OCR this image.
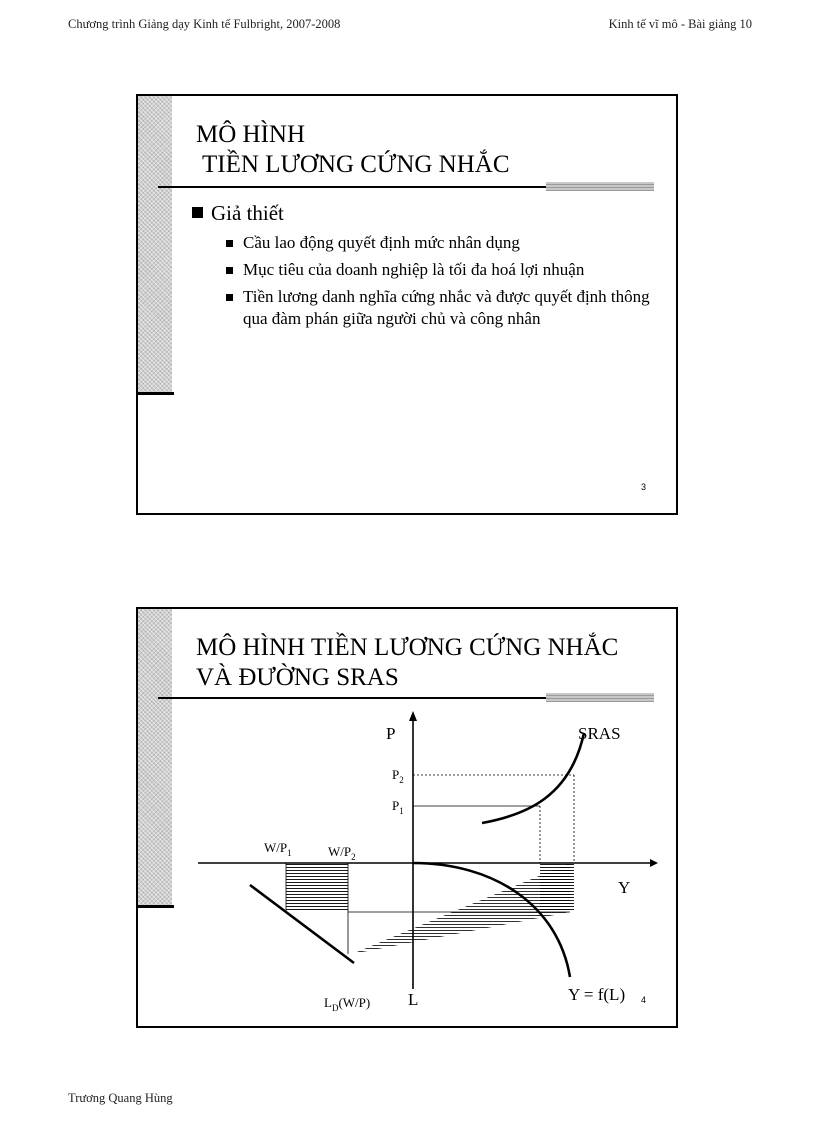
Chương trình Giảng dạy Kinh tế Fulbright, 2007-2008	Kinh tế vĩ mô - Bài giảng 10
MÔ HÌNH
TIỀN LƯƠNG CỨNG NHẮC
Giả thiết
Cầu lao động quyết định mức nhân dụng
Mục tiêu của doanh nghiệp là tối đa hoá lợi nhuận
Tiền lương danh nghĩa cứng nhắc và được quyết định thông qua đàm phán giữa người chủ và công nhân
3
MÔ HÌNH TIỀN LƯƠNG CỨNG NHẮC
VÀ ĐƯỜNG SRAS
P	SRAS
$P_2$
$P_1$
$W/P_1$	$W/P_2$
Y
L	Y = f(L)
$L_D(W/P)$	4
Trương Quang Hùng
